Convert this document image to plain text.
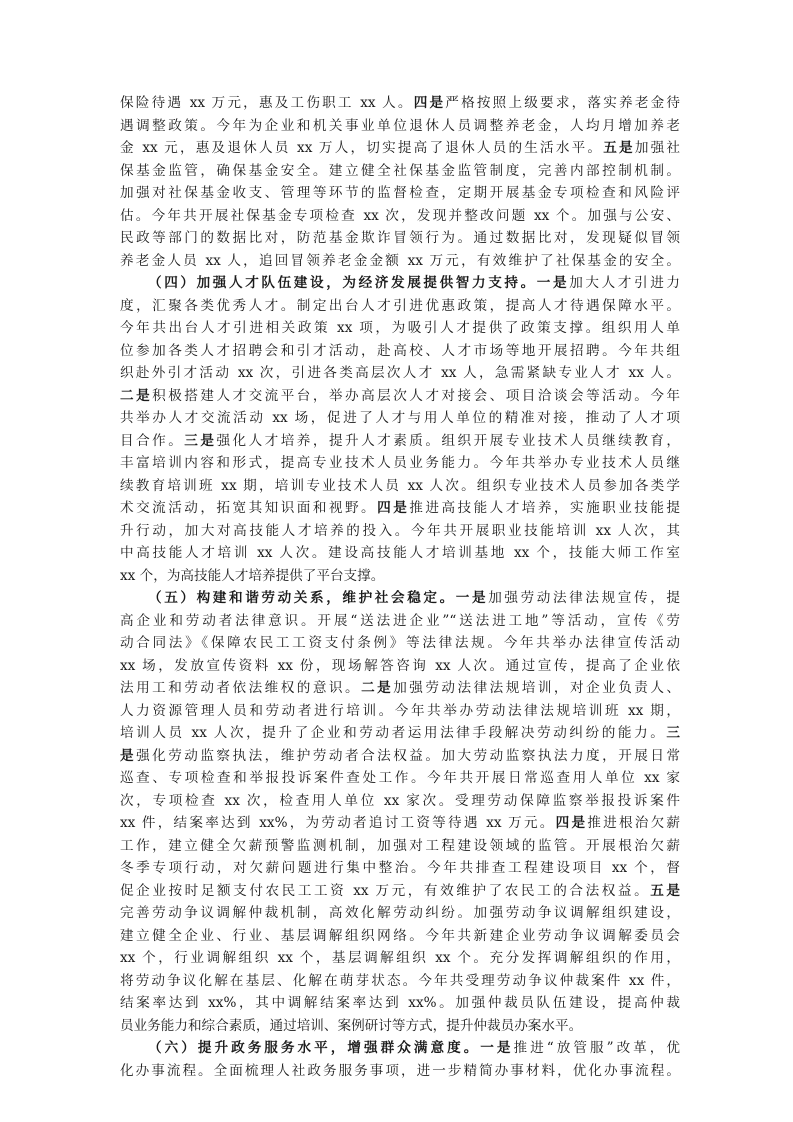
保险待遇 xx 万元，惠及工伤职工 xx 人。四是严格按照上级要求，落实养老金待
遇调整政策。今年为企业和机关事业单位退休人员调整养老金，人均月增加养老
金 xx 元，惠及退休人员 xx 万人，切实提高了退休人员的生活水平。五是加强社
保基金监管，确保基金安全。建立健全社保基金监管制度，完善内部控制机制。
加强对社保基金收支、管理等环节的监督检查，定期开展基金专项检查和风险评
估。今年共开展社保基金专项检查 xx 次，发现并整改问题 xx 个。加强与公安、
民政等部门的数据比对，防范基金欺诈冒领行为。通过数据比对，发现疑似冒领
养老金人员 xx 人，追回冒领养老金金额 xx 万元，有效维护了社保基金的安全。
（四）加强人才队伍建设，为经济发展提供智力支持。一是加大人才引进力
度，汇聚各类优秀人才。制定出台人才引进优惠政策，提高人才待遇保障水平。
今年共出台人才引进相关政策 xx 项，为吸引人才提供了政策支撑。组织用人单
位参加各类人才招聘会和引才活动，赴高校、人才市场等地开展招聘。今年共组
织赴外引才活动 xx 次，引进各类高层次人才 xx 人，急需紧缺专业人才 xx 人。
二是积极搭建人才交流平台，举办高层次人才对接会、项目洽谈会等活动。今年
共举办人才交流活动 xx 场，促进了人才与用人单位的精准对接，推动了人才项
目合作。三是强化人才培养，提升人才素质。组织开展专业技术人员继续教育，
丰富培训内容和形式，提高专业技术人员业务能力。今年共举办专业技术人员继
续教育培训班 xx 期，培训专业技术人员 xx 人次。组织专业技术人员参加各类学
术交流活动，拓宽其知识面和视野。四是推进高技能人才培养，实施职业技能提
升行动，加大对高技能人才培养的投入。今年共开展职业技能培训 xx 人次，其
中高技能人才培训 xx 人次。建设高技能人才培训基地 xx 个，技能大师工作室
xx 个，为高技能人才培养提供了平台支撑。
（五）构建和谐劳动关系，维护社会稳定。一是加强劳动法律法规宣传，提
高企业和劳动者法律意识。开展“送法进企业”“送法进工地”等活动，宣传《劳
动合同法》《保障农民工工资支付条例》等法律法规。今年共举办法律宣传活动
xx 场，发放宣传资料 xx 份，现场解答咨询 xx 人次。通过宣传，提高了企业依
法用工和劳动者依法维权的意识。二是加强劳动法律法规培训，对企业负责人、
人力资源管理人员和劳动者进行培训。今年共举办劳动法律法规培训班 xx 期，
培训人员 xx 人次，提升了企业和劳动者运用法律手段解决劳动纠纷的能力。三
是强化劳动监察执法，维护劳动者合法权益。加大劳动监察执法力度，开展日常
巡查、专项检查和举报投诉案件查处工作。今年共开展日常巡查用人单位 xx 家
次，专项检查 xx 次，检查用人单位 xx 家次。受理劳动保障监察举报投诉案件
xx 件，结案率达到 xx%，为劳动者追讨工资等待遇 xx 万元。四是推进根治欠薪
工作，建立健全欠薪预警监测机制，加强对工程建设领域的监管。开展根治欠薪
冬季专项行动，对欠薪问题进行集中整治。今年共排查工程建设项目 xx 个，督
促企业按时足额支付农民工工资 xx 万元，有效维护了农民工的合法权益。五是
完善劳动争议调解仲裁机制，高效化解劳动纠纷。加强劳动争议调解组织建设，
建立健全企业、行业、基层调解组织网络。今年共新建企业劳动争议调解委员会
xx 个，行业调解组织 xx 个，基层调解组织 xx 个。充分发挥调解组织的作用，
将劳动争议化解在基层、化解在萌芽状态。今年共受理劳动争议仲裁案件 xx 件，
结案率达到 xx%，其中调解结案率达到 xx%。加强仲裁员队伍建设，提高仲裁
员业务能力和综合素质，通过培训、案例研讨等方式，提升仲裁员办案水平。
（六）提升政务服务水平，增强群众满意度。一是推进“放管服”改革，优
化办事流程。全面梳理人社政务服务事项，进一步精简办事材料，优化办事流程。
